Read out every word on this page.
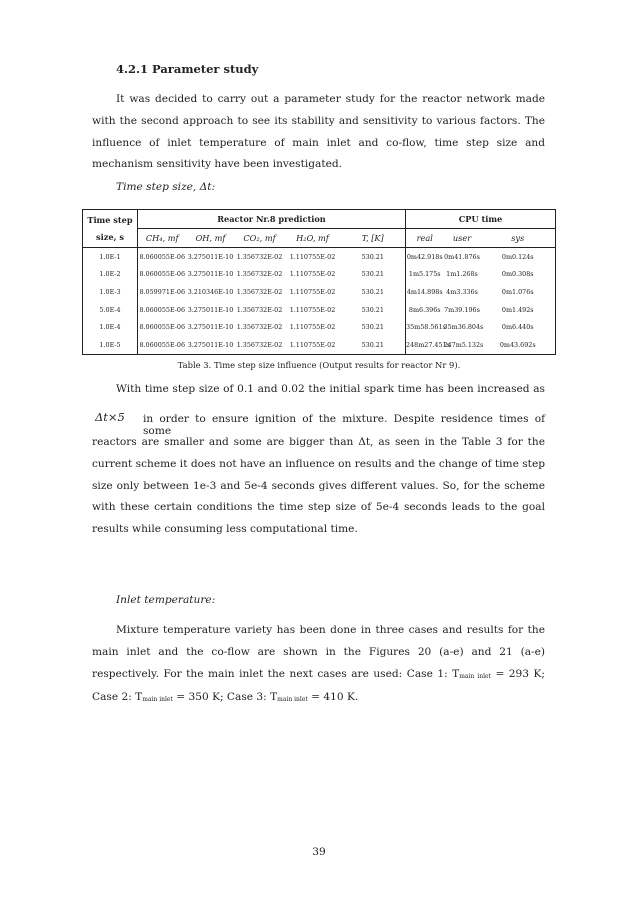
4.2.1 Parameter study
It was decided to carry out a parameter study for the reactor network made with the second approach to see its stability and sensitivity to various factors. The influence of inlet temperature of main inlet and co-flow, time step size and mechanism sensitivity have been investigated.
Time step size, Δt:
Time step
size, s	Reactor Nr.8 prediction					CPU time		
	CH₄, mf	OH, mf	CO₂, mf	H₂O, mf	T, [K]	real	user	sys
1.0E-1	8.060055E-06	3.275011E-10	1.356732E-02	1.110755E-02	530.21	0m42.918s	0m41.876s	0m0.124s
1.0E-2	8.060055E-06	3.275011E-10	1.356732E-02	1.110755E-02	530.21	1m5.175s	1m1.268s	0m0.308s
1.0E-3	8.059971E-06	3.210346E-10	1.356732E-02	1.110755E-02	530.21	4m14.898s	4m3.336s	0m1.076s
5.0E-4	8.060055E-06	3.275011E-10	1.356732E-02	1.110755E-02	530.21	8m6.396s	7m39.196s	0m1.492s
1.0E-4	8.060055E-06	3.275011E-10	1.356732E-02	1.110755E-02	530.21	35m58.561s	35m36.804s	0m6.440s
1.0E-5	8.060055E-06	3.275011E-10	1.356732E-02	1.110755E-02	530.21	248m27.451s	247m5.132s	0m43.692s
Table 3. Time step size influence (Output results for reactor Nr 9).
With time step size of 0.1 and 0.02 the initial spark time has been increased as
Δt×5 in order to ensure ignition of the mixture. Despite residence times of some
reactors are smaller and some are bigger than Δt, as seen in the Table 3 for the current scheme it does not have an influence on results and the change of time step size only between 1e-3 and 5e-4 seconds gives different values. So, for the scheme with these certain conditions the time step size of 5e-4 seconds leads to the goal results while consuming less computational time.
Inlet temperature:
Mixture temperature variety has been done in three cases and results for the main inlet and the co-flow are shown in the Figures 20 (a-e) and 21 (a-e) respectively. For the main inlet the next cases are used: Case 1: Tmain inlet = 293 K; Case 2: Tmain inlet = 350 K; Case 3: Tmain inlet = 410 K.
39
